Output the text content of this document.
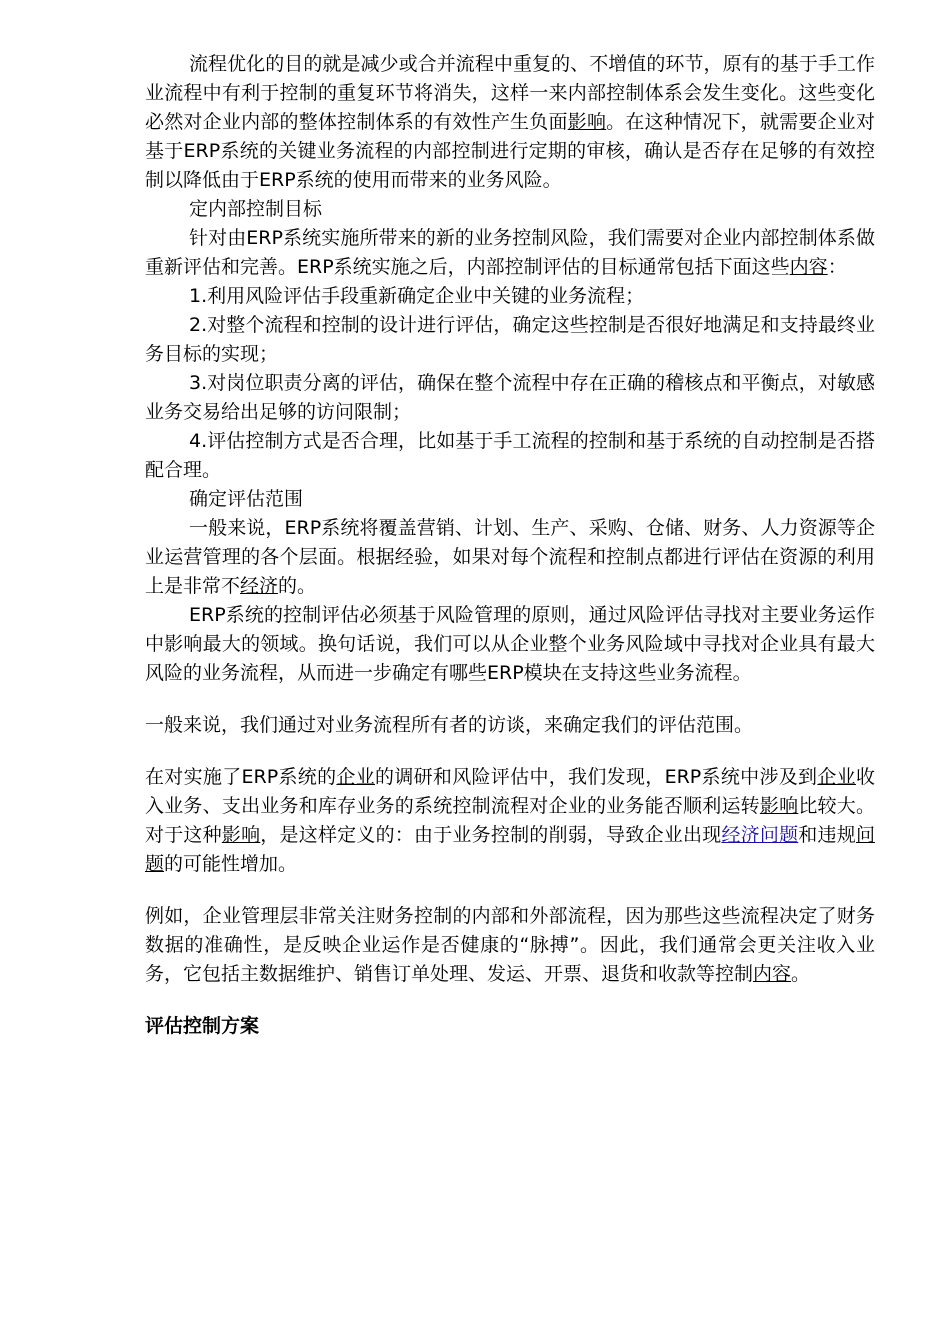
流程优化的目的就是减少或合并流程中重复的、不增值的环节，原有的基于手工作业流程中有利于控制的重复环节将消失，这样一来内部控制体系会发生变化。这些变化必然对企业内部的整体控制体系的有效性产生负面影响。在这种情况下，就需要企业对基于ERP系统的关键业务流程的内部控制进行定期的审核，确认是否存在足够的有效控制以降低由于ERP系统的使用而带来的业务风险。

定内部控制目标

针对由ERP系统实施所带来的新的业务控制风险，我们需要对企业内部控制体系做重新评估和完善。ERP系统实施之后，内部控制评估的目标通常包括下面这些内容：

1.利用风险评估手段重新确定企业中关键的业务流程；

2.对整个流程和控制的设计进行评估，确定这些控制是否很好地满足和支持最终业务目标的实现；

3.对岗位职责分离的评估，确保在整个流程中存在正确的稽核点和平衡点，对敏感业务交易给出足够的访问限制；

4.评估控制方式是否合理，比如基于手工流程的控制和基于系统的自动控制是否搭配合理。

确定评估范围

一般来说，ERP系统将覆盖营销、计划、生产、采购、仓储、财务、人力资源等企业运营管理的各个层面。根据经验，如果对每个流程和控制点都进行评估在资源的利用上是非常不经济的。

ERP系统的控制评估必须基于风险管理的原则，通过风险评估寻找对主要业务运作中影响最大的领域。换句话说，我们可以从企业整个业务风险域中寻找对企业具有最大风险的业务流程，从而进一步确定有哪些ERP模块在支持这些业务流程。

一般来说，我们通过对业务流程所有者的访谈，来确定我们的评估范围。

在对实施了ERP系统的企业的调研和风险评估中，我们发现，ERP系统中涉及到企业收入业务、支出业务和库存业务的系统控制流程对企业的业务能否顺利运转影响比较大。对于这种影响，是这样定义的：由于业务控制的削弱，导致企业出现经济问题和违规问题的可能性增加。

例如，企业管理层非常关注财务控制的内部和外部流程，因为那些这些流程决定了财务数据的准确性，是反映企业运作是否健康的“脉搏”。因此，我们通常会更关注收入业务，它包括主数据维护、销售订单处理、发运、开票、退货和收款等控制内容。

评估控制方案
